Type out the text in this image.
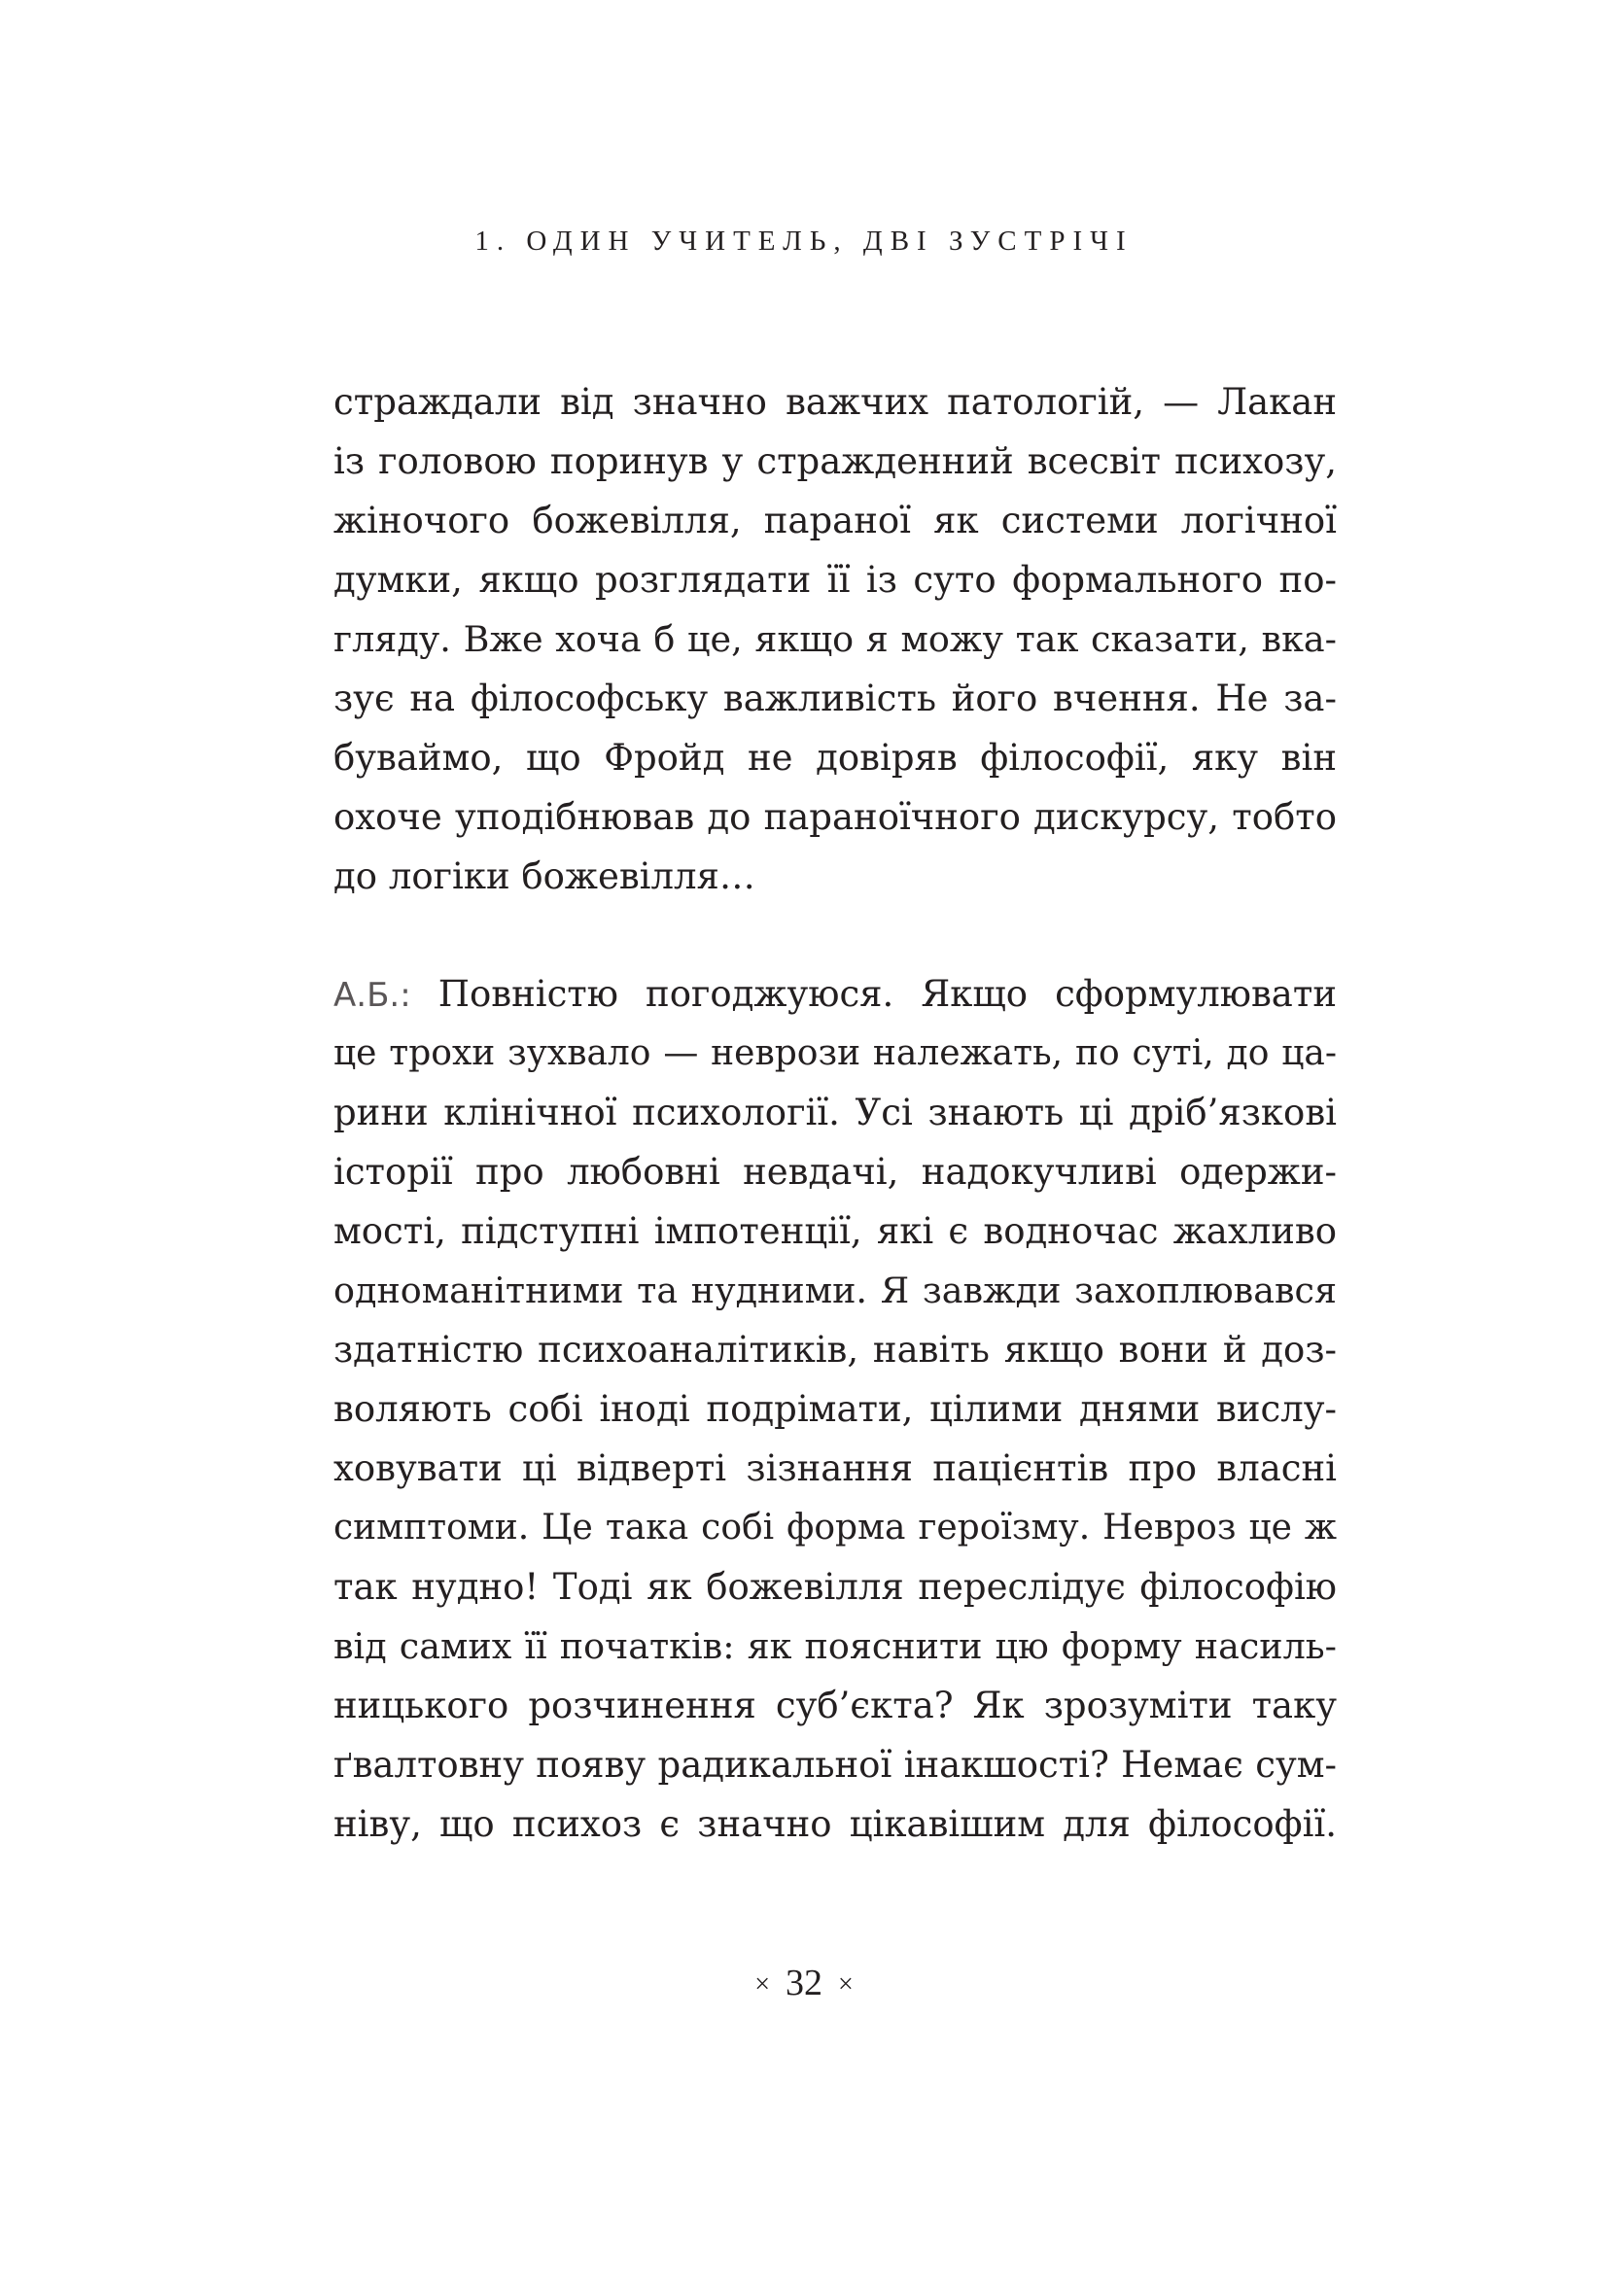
1. ОДИН УЧИТЕЛЬ, ДВІ ЗУСТРІЧІ
страждали від значно важчих патологій, — Лакан
із головою поринув у стражденний всесвіт психозу,
жіночого божевілля, параної як системи логічної
думки, якщо розглядати її із суто формального по-
гляду. Вже хоча б це, якщо я можу так сказати, вка-
зує на філософську важливість його вчення. Не за-
буваймо, що Фройд не довіряв філософії, яку він
охоче уподібнював до параноїчного дискурсу, тобто
до логіки божевілля…
А.Б.: Повністю погоджуюся. Якщо сформулювати
це трохи зухвало — неврози належать, по суті, до ца-
рини клінічної психології. Усі знають ці дріб’язкові
історії про любовні невдачі, надокучливі одержи-
мості, підступні імпотенції, які є водночас жахливо
одноманітними та нудними. Я завжди захоплювався
здатністю психоаналітиків, навіть якщо вони й доз-
воляють собі іноді подрімати, цілими днями вислу-
ховувати ці відверті зізнання пацієнтів про власні
симптоми. Це така собі форма героїзму. Невроз це ж
так нудно! Тоді як божевілля переслідує філософію
від самих її початків: як пояснити цю форму насиль-
ницького розчинення суб’єкта? Як зрозуміти таку
ґвалтовну появу радикальної інакшості? Немає сум-
ніву, що психоз є значно цікавішим для філософії.
× 32 ×
